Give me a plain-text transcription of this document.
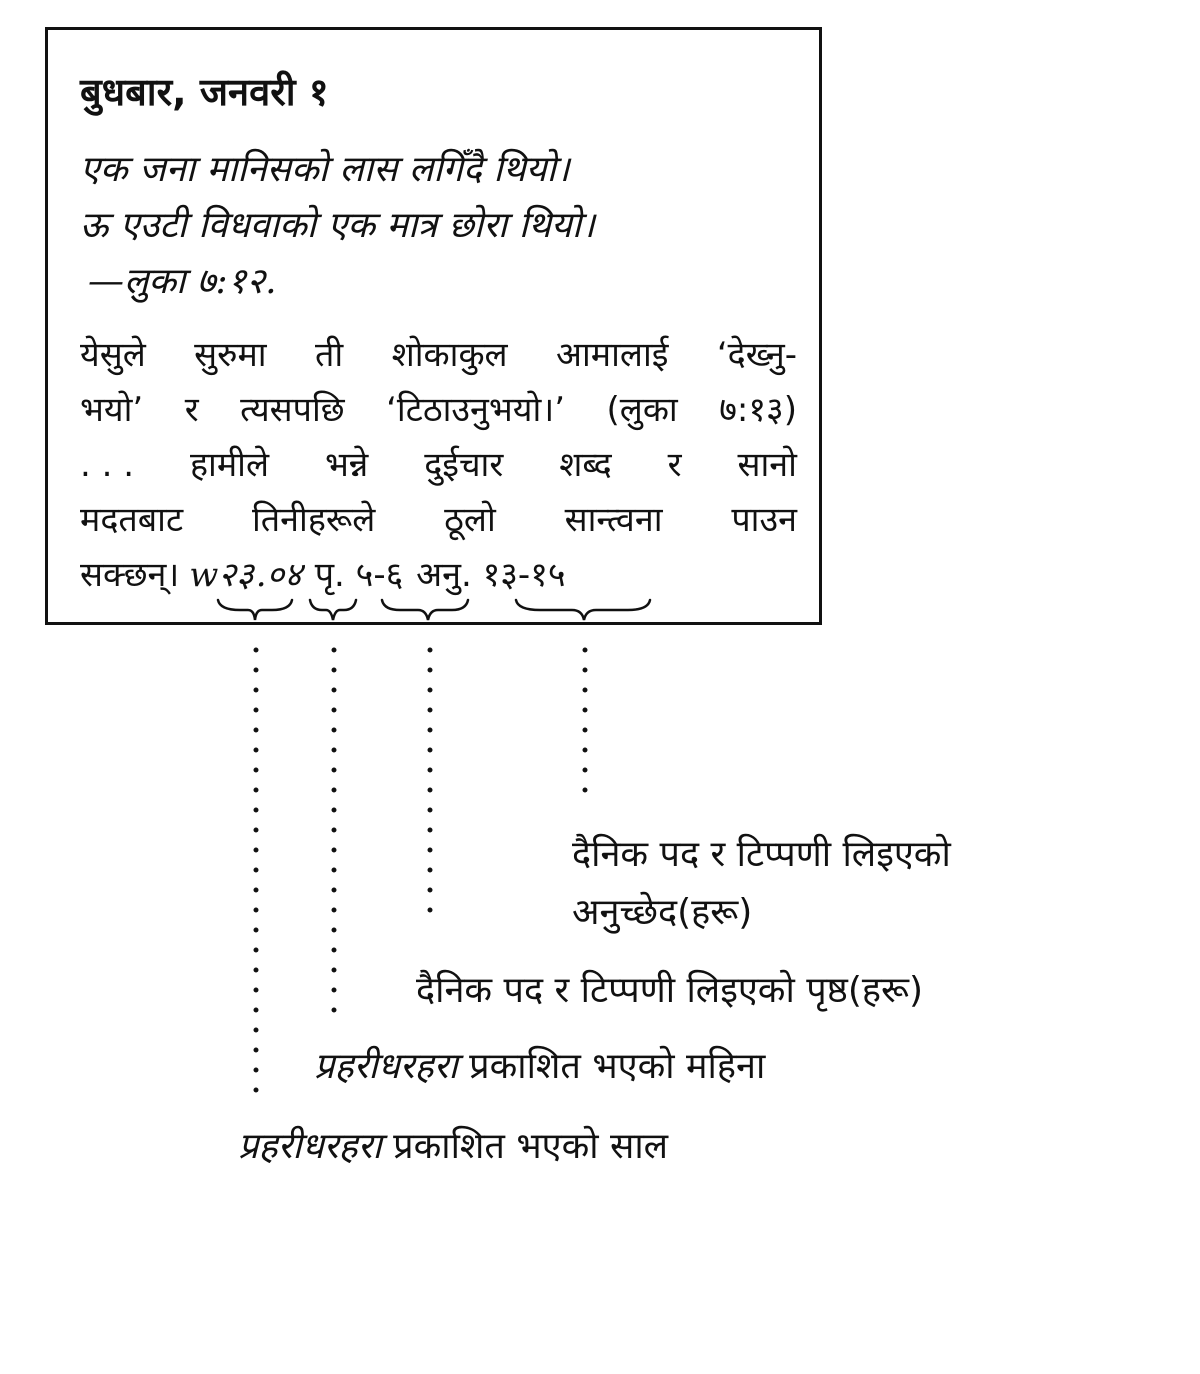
बुधबार, जनवरी १
एक जना मानिसको लास लगिँदै थियो।
ऊ एउटी विधवाको एक मात्र छोरा थियो।
—लुका ७:१२.
येसुले सुरुमा ती शोकाकुल आमालाई ‘देख्नु-
भयो’ र त्यसपछि ‘टिठाउनुभयो।’ (लुका ७:१३)
. . . हामीले भन्ने दुईचार शब्द र सानो
मदतबाट तिनीहरूले ठूलो सान्त्वना पाउन
सक्छन्। w२३.०४ पृ. ५-६ अनु. १३-१५
दैनिक पद र टिप्पणी लिइएको
अनुच्छेद(हरू)
दैनिक पद र टिप्पणी लिइएको पृष्ठ(हरू)
प्रहरीधरहरा प्रकाशित भएको महिना
प्रहरीधरहरा प्रकाशित भएको साल
